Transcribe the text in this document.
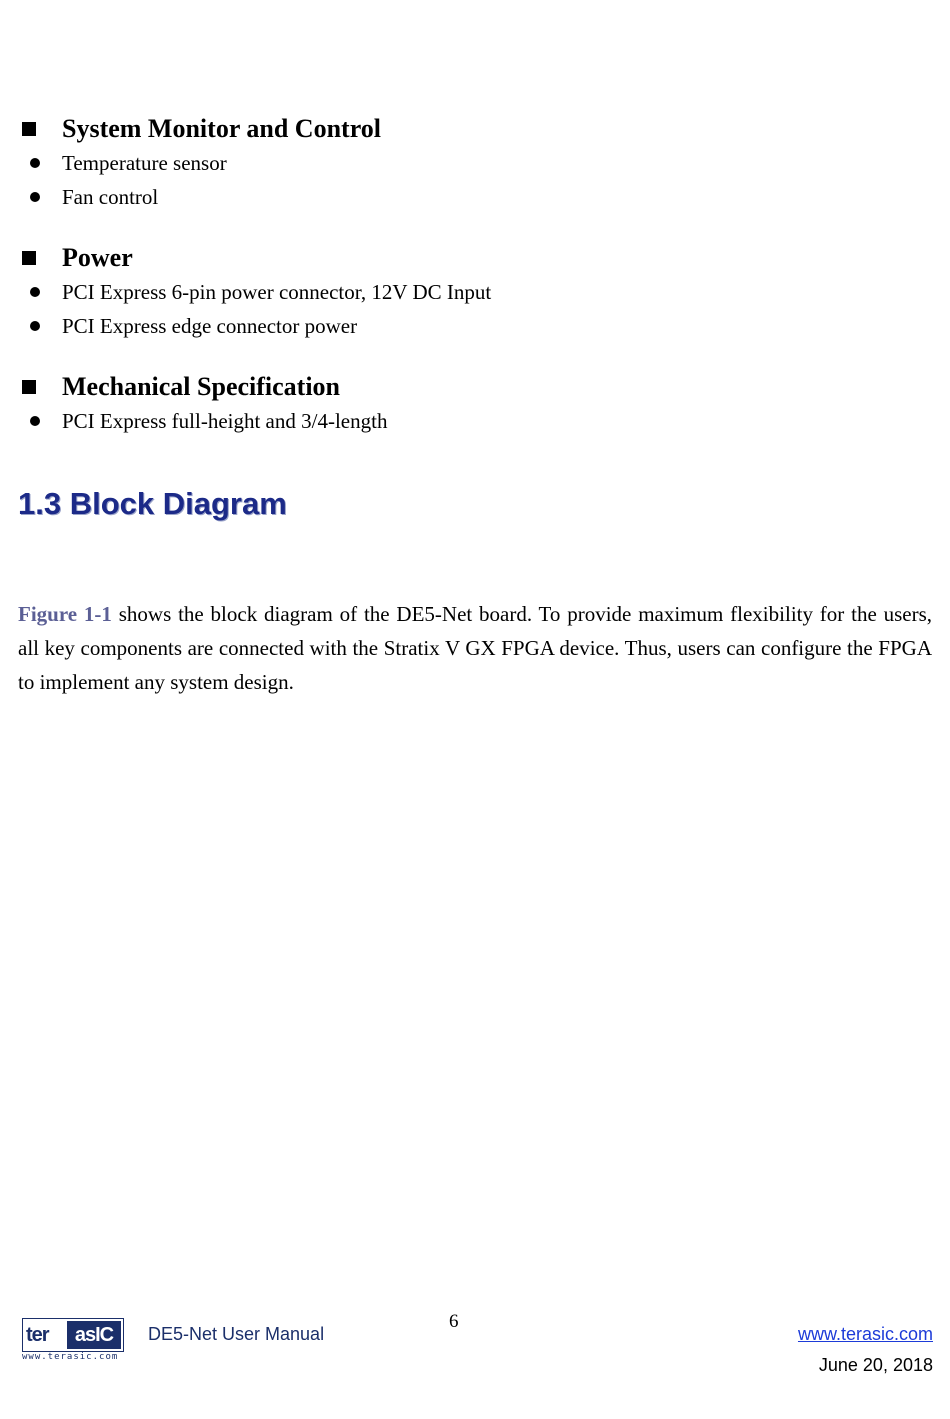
System Monitor and Control
Temperature sensor
Fan control
Power
PCI Express 6-pin power connector, 12V DC Input
PCI Express edge connector power
Mechanical Specification
PCI Express full-height and 3/4-length
1.3 Block Diagram

Figure 1-1 shows the block diagram of the DE5-Net board. To provide maximum flexibility for the users, all key components are connected with the Stratix V GX FPGA device. Thus, users can configure the FPGA to implement any system design.

ter	asIC
www.terasic.com
DE5-Net User Manual
6
www.terasic.com
June 20, 2018
